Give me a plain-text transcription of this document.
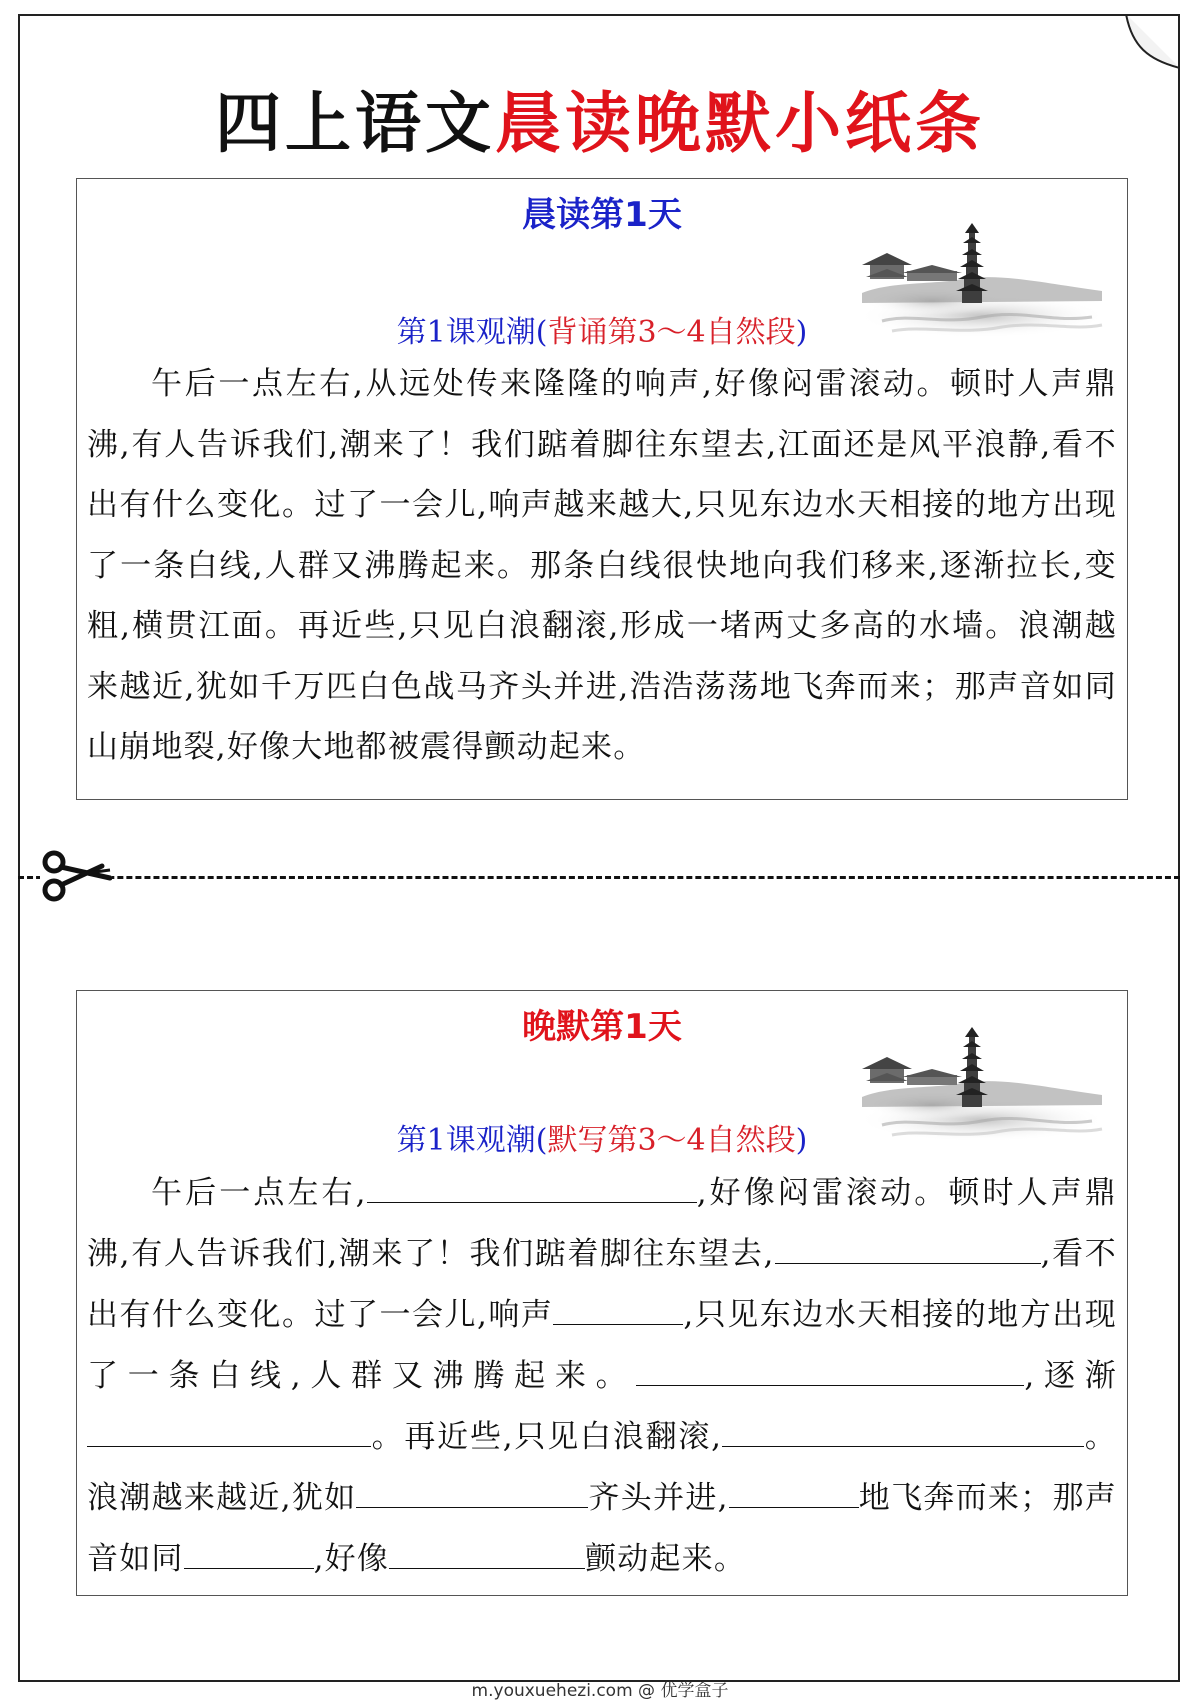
四上语文晨读晚默小纸条
晨读第1天
第1课观潮(背诵第3～4自然段)
午后一点左右,从远处传来隆隆的响声,好像闷雷滚动。顿时人声鼎沸,有人告诉我们,潮来了！我们踮着脚往东望去,江面还是风平浪静,看不出有什么变化。过了一会儿,响声越来越大,只见东边水天相接的地方出现了一条白线,人群又沸腾起来。那条白线很快地向我们移来,逐渐拉长,变粗,横贯江面。再近些,只见白浪翻滚,形成一堵两丈多高的水墙。浪潮越来越近,犹如千万匹白色战马齐头并进,浩浩荡荡地飞奔而来；那声音如同山崩地裂,好像大地都被震得颤动起来。
晚默第1天
第1课观潮(默写第3～4自然段)
午后一点左右,	,好像闷雷滚动。顿时人声鼎沸,有人告诉我们,潮来了！我们踮着脚往东望去,	,看不出有什么变化。过了一会儿,响声	,只见东边水天相接的地方出现了一条白线,人群又沸腾起来。	,逐渐。再近些,只见白浪翻滚,	。浪潮越来越近,犹如	齐头并进,	地飞奔而来；那声音如同	,好像	颤动起来。
m.youxuehezi.com @ 优学盒子
